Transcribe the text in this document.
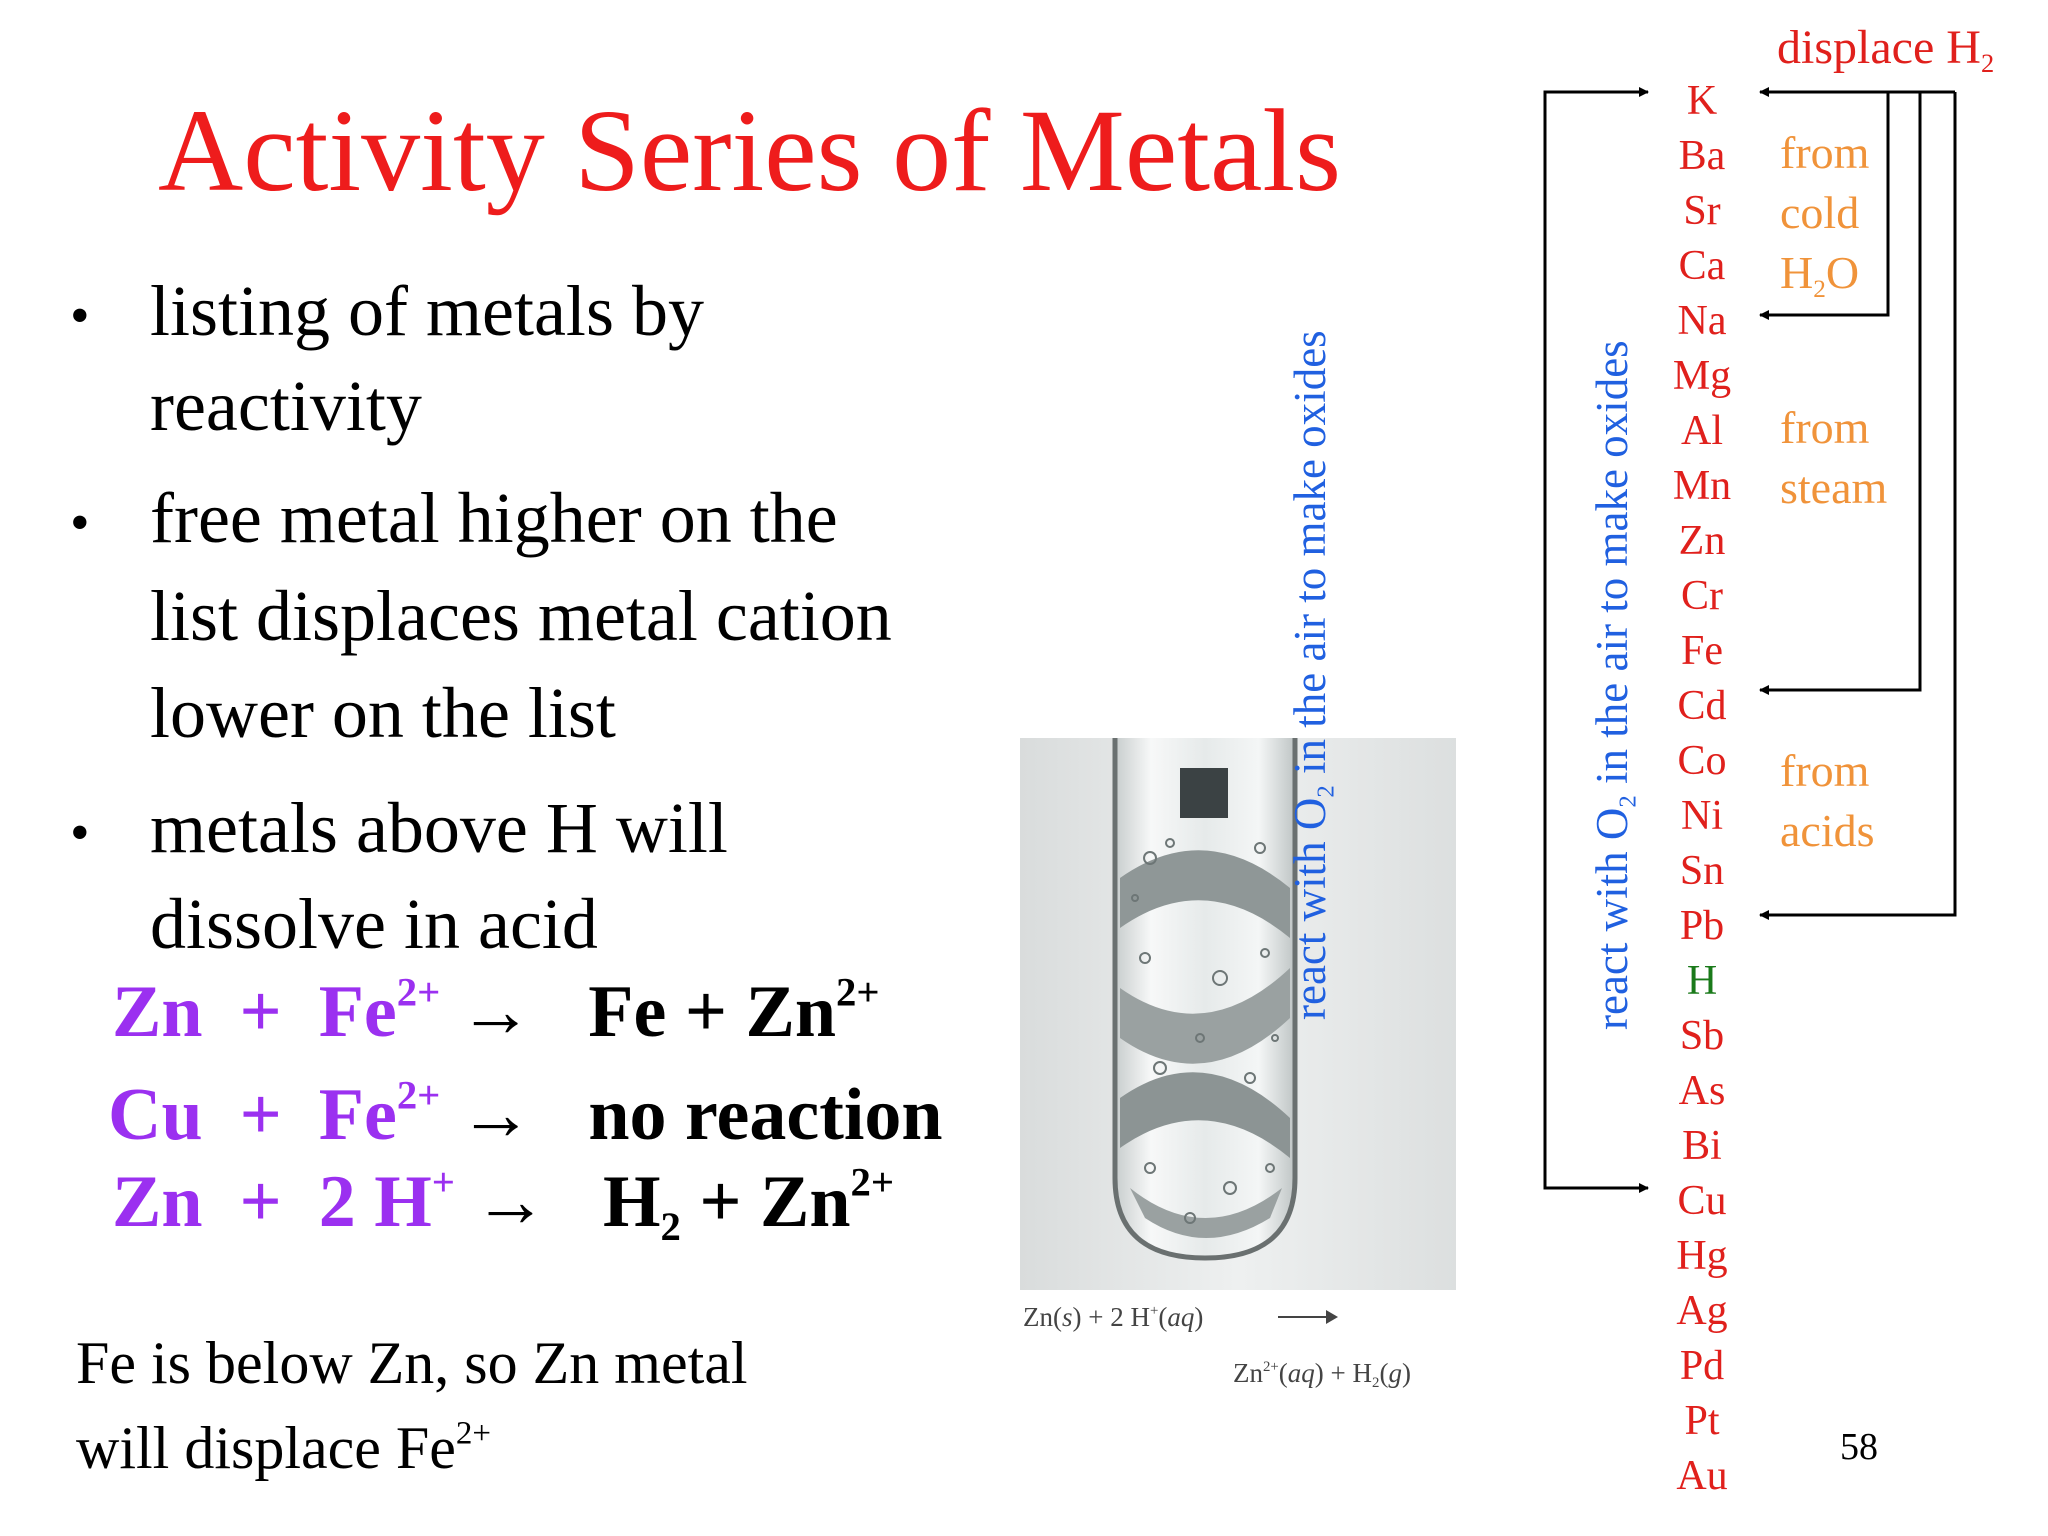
Activity Series of Metals
• listing of metals by
reactivity
• free metal higher on the
list displaces metal cation
lower on the list
• metals above H will
dissolve in acid
$Zn + Fe^{2+} \to Fe + Zn^{2+}$
$Cu + Fe^{2+}$ → no reaction
Zn + 2 $H^+ \to H_2 + Zn^{2+}$
Fe is below Zn, so Zn metal
will displace $Fe^{2+}$
Zn(s) + 2 H+(aq)
$Zn^{2+}(aq) + H_2(g)$
react with $O_2$ in the air to make oxides
react with $O_2$ in the air to make oxides
displace $H_2$
K
Ba
Sr
Ca
Na
Mg
Al
Mn
Zn
Cr
Fe
Cd
Co
Ni
Sn
Pb
H
Sb
As
Bi
Cu
Hg
Ag
Pd
Pt
Au
from
cold
$H_2O$
from
steam
from
acids
58
